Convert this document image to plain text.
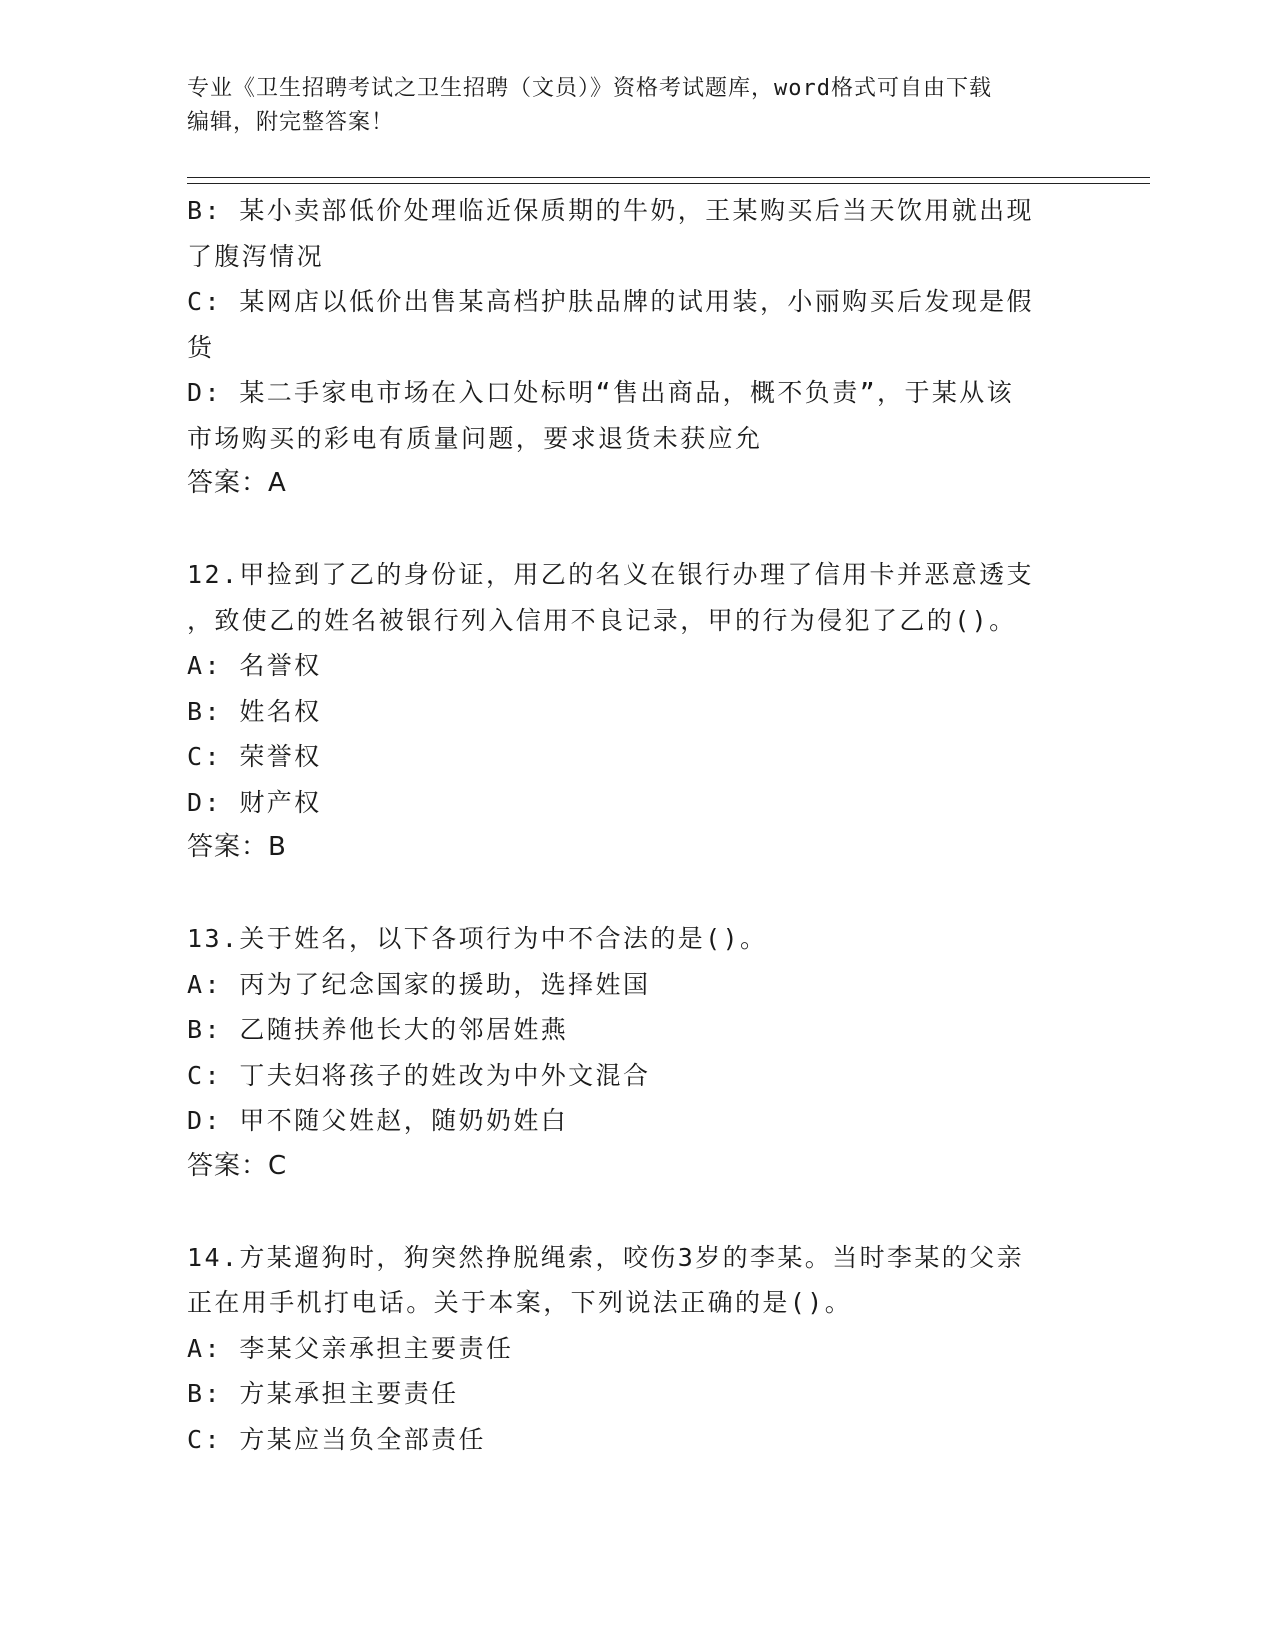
专业《卫生招聘考试之卫生招聘（文员）》资格考试题库，word格式可自由下载
编辑，附完整答案！
B: 某小卖部低价处理临近保质期的牛奶，王某购买后当天饮用就出现
了腹泻情况
C: 某网店以低价出售某高档护肤品牌的试用装，小丽购买后发现是假
货
D: 某二手家电市场在入口处标明“售出商品，概不负责”，于某从该
市场购买的彩电有质量问题，要求退货未获应允
答案：A
12.甲捡到了乙的身份证，用乙的名义在银行办理了信用卡并恶意透支
，致使乙的姓名被银行列入信用不良记录，甲的行为侵犯了乙的()。
A: 名誉权
B: 姓名权
C: 荣誉权
D: 财产权
答案：B
13.关于姓名，以下各项行为中不合法的是()。
A: 丙为了纪念国家的援助，选择姓国
B: 乙随扶养他长大的邻居姓燕
C: 丁夫妇将孩子的姓改为中外文混合
D: 甲不随父姓赵，随奶奶姓白
答案：C
14.方某遛狗时，狗突然挣脱绳索，咬伤3岁的李某。当时李某的父亲
正在用手机打电话。关于本案，下列说法正确的是()。
A: 李某父亲承担主要责任
B: 方某承担主要责任
C: 方某应当负全部责任
